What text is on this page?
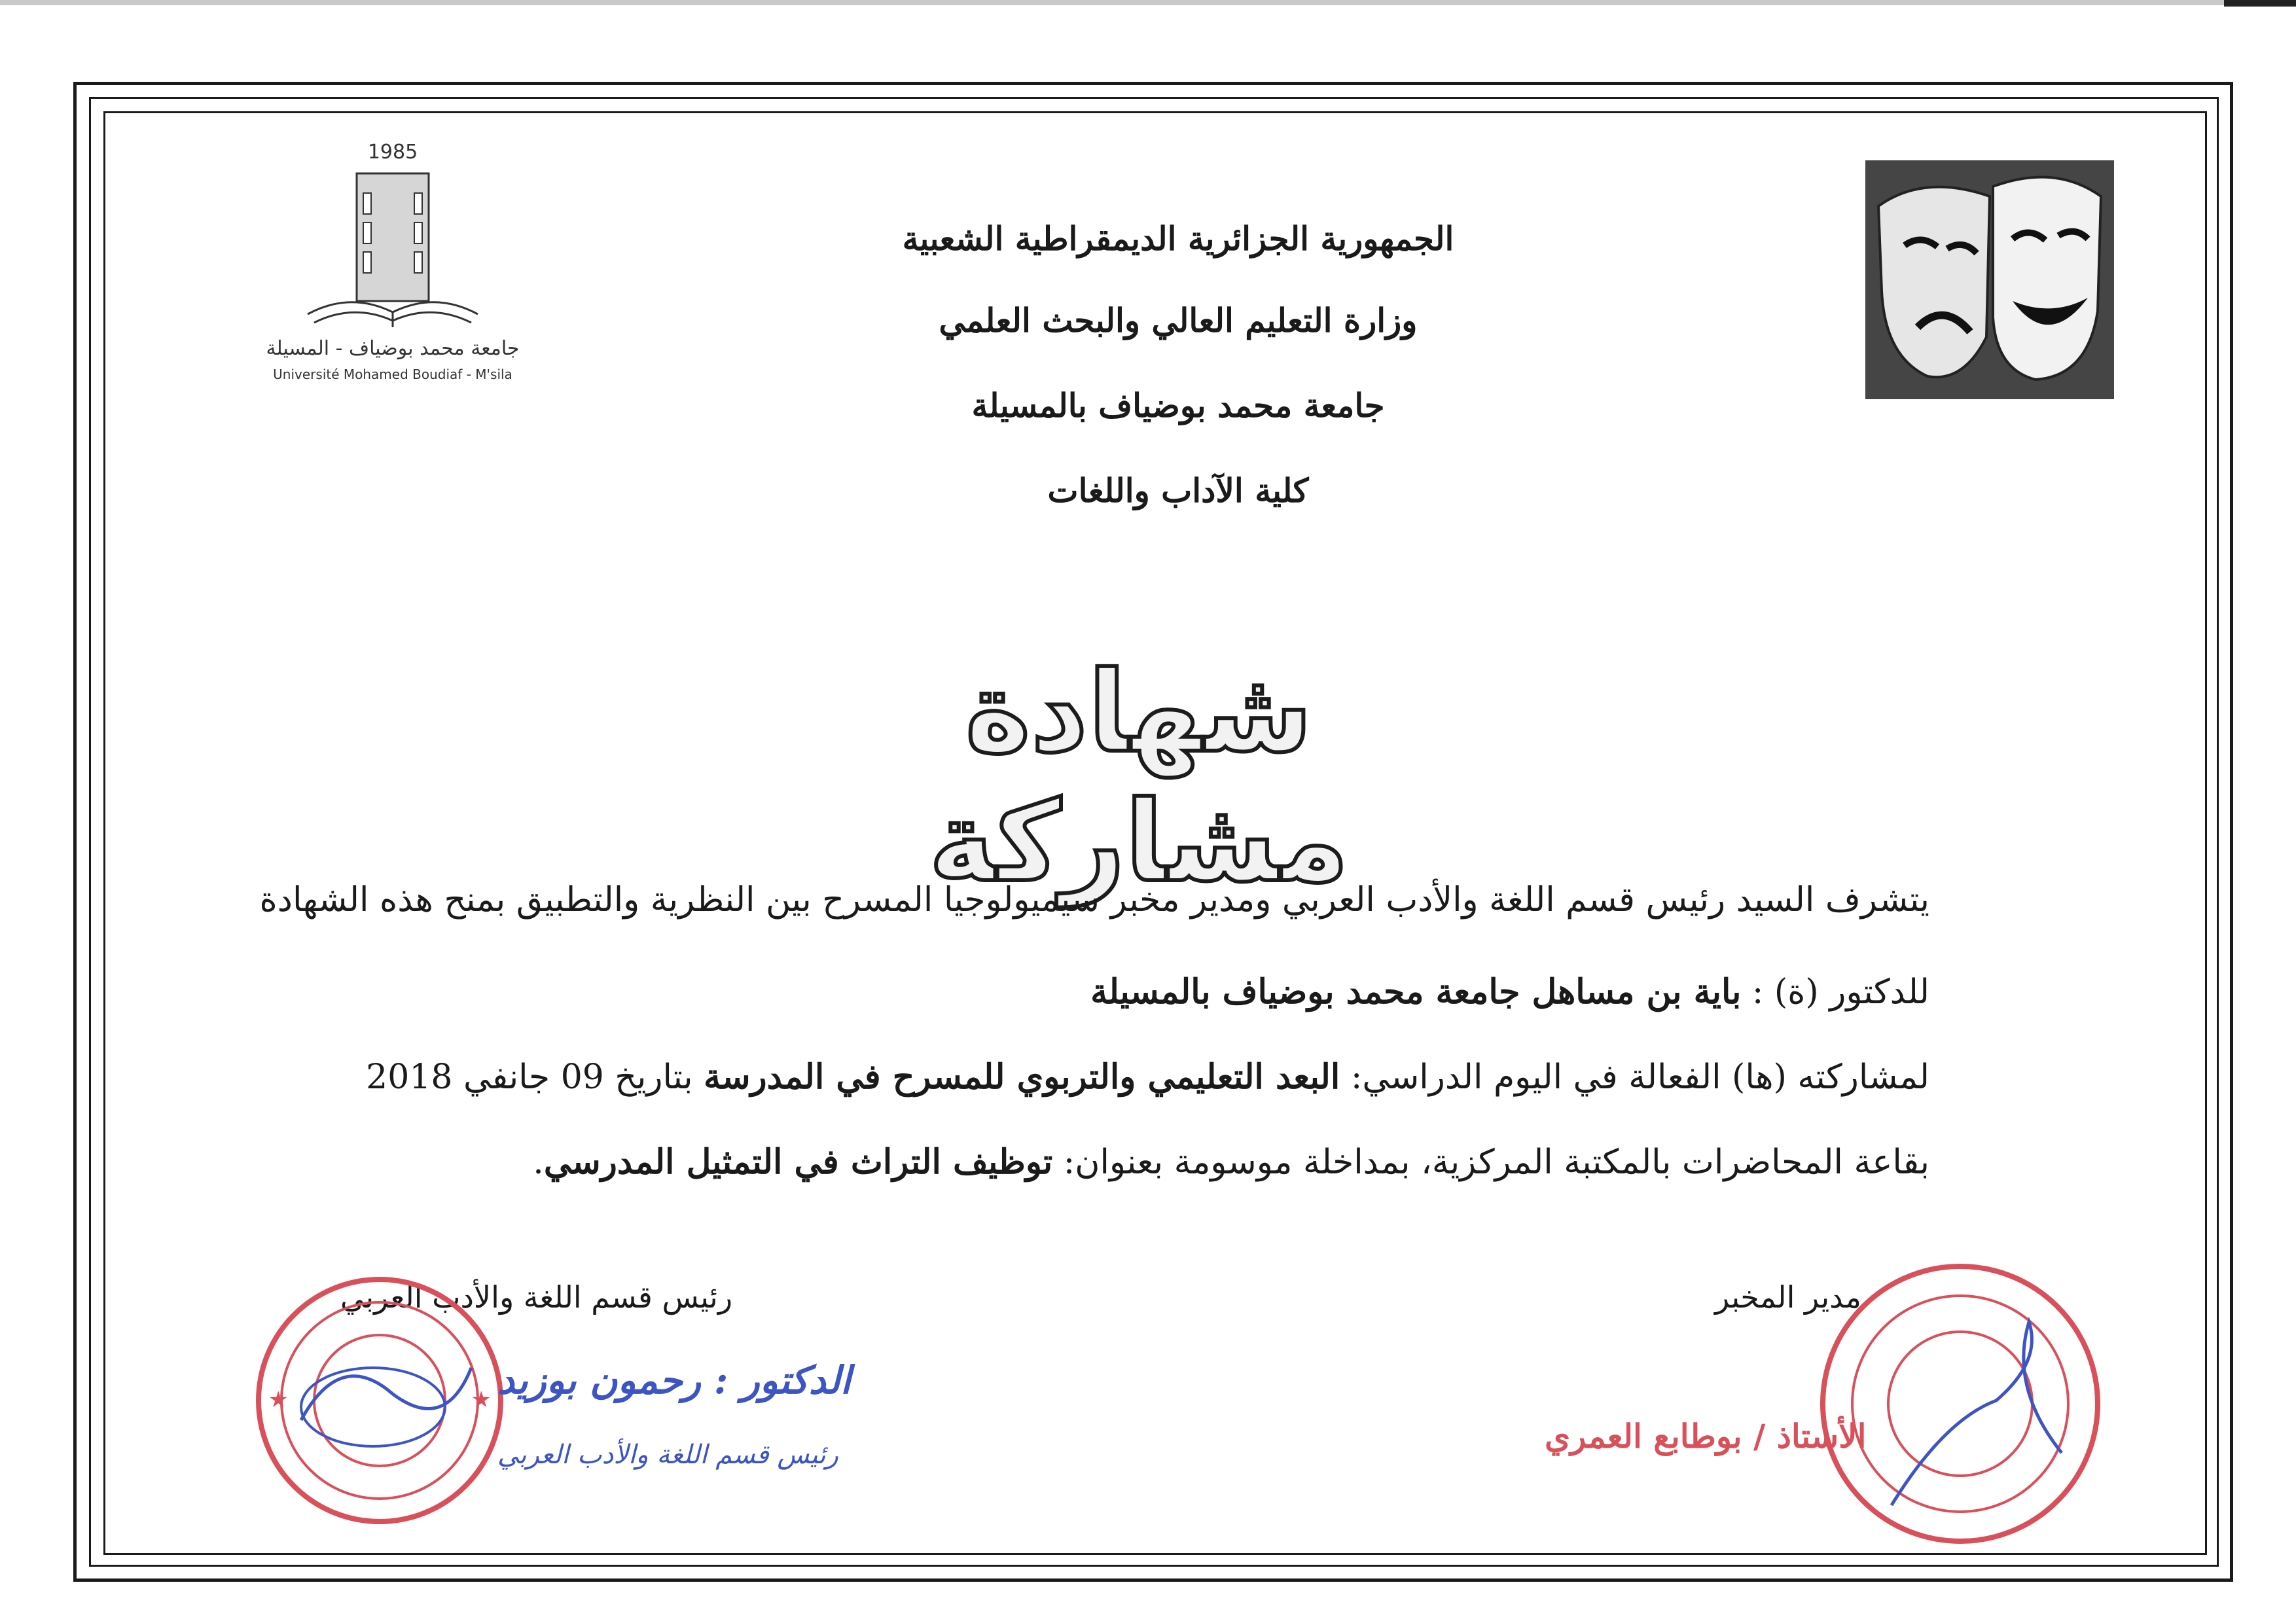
1985
جامعة محمد بوضياف - المسيلة
Université Mohamed Boudiaf - M'sila
الجمهورية الجزائرية الديمقراطية الشعبية
وزارة التعليم العالي والبحث العلمي
جامعة محمد بوضياف بالمسيلة
كلية الآداب واللغات
شهادة مشاركة
يتشرف السيد رئيس قسم اللغة والأدب العربي ومدير مخبر سيميولوجيا المسرح بين النظرية والتطبيق بمنح هذه الشهادة
للدكتور (ة) : باية بن مساهل جامعة محمد بوضياف بالمسيلة
لمشاركته (ها) الفعالة في اليوم الدراسي: البعد التعليمي والتربوي للمسرح في المدرسة بتاريخ 09 جانفي 2018
بقاعة المحاضرات بالمكتبة المركزية، بمداخلة موسومة بعنوان: توظيف التراث في التمثيل المدرسي.
مدير المخبر
رئيس قسم اللغة والأدب العربي
★	★ الدكتور : رحمون بوزيد
رئيس قسم اللغة والأدب العربي	الأستاذ / بوطابع العمري
